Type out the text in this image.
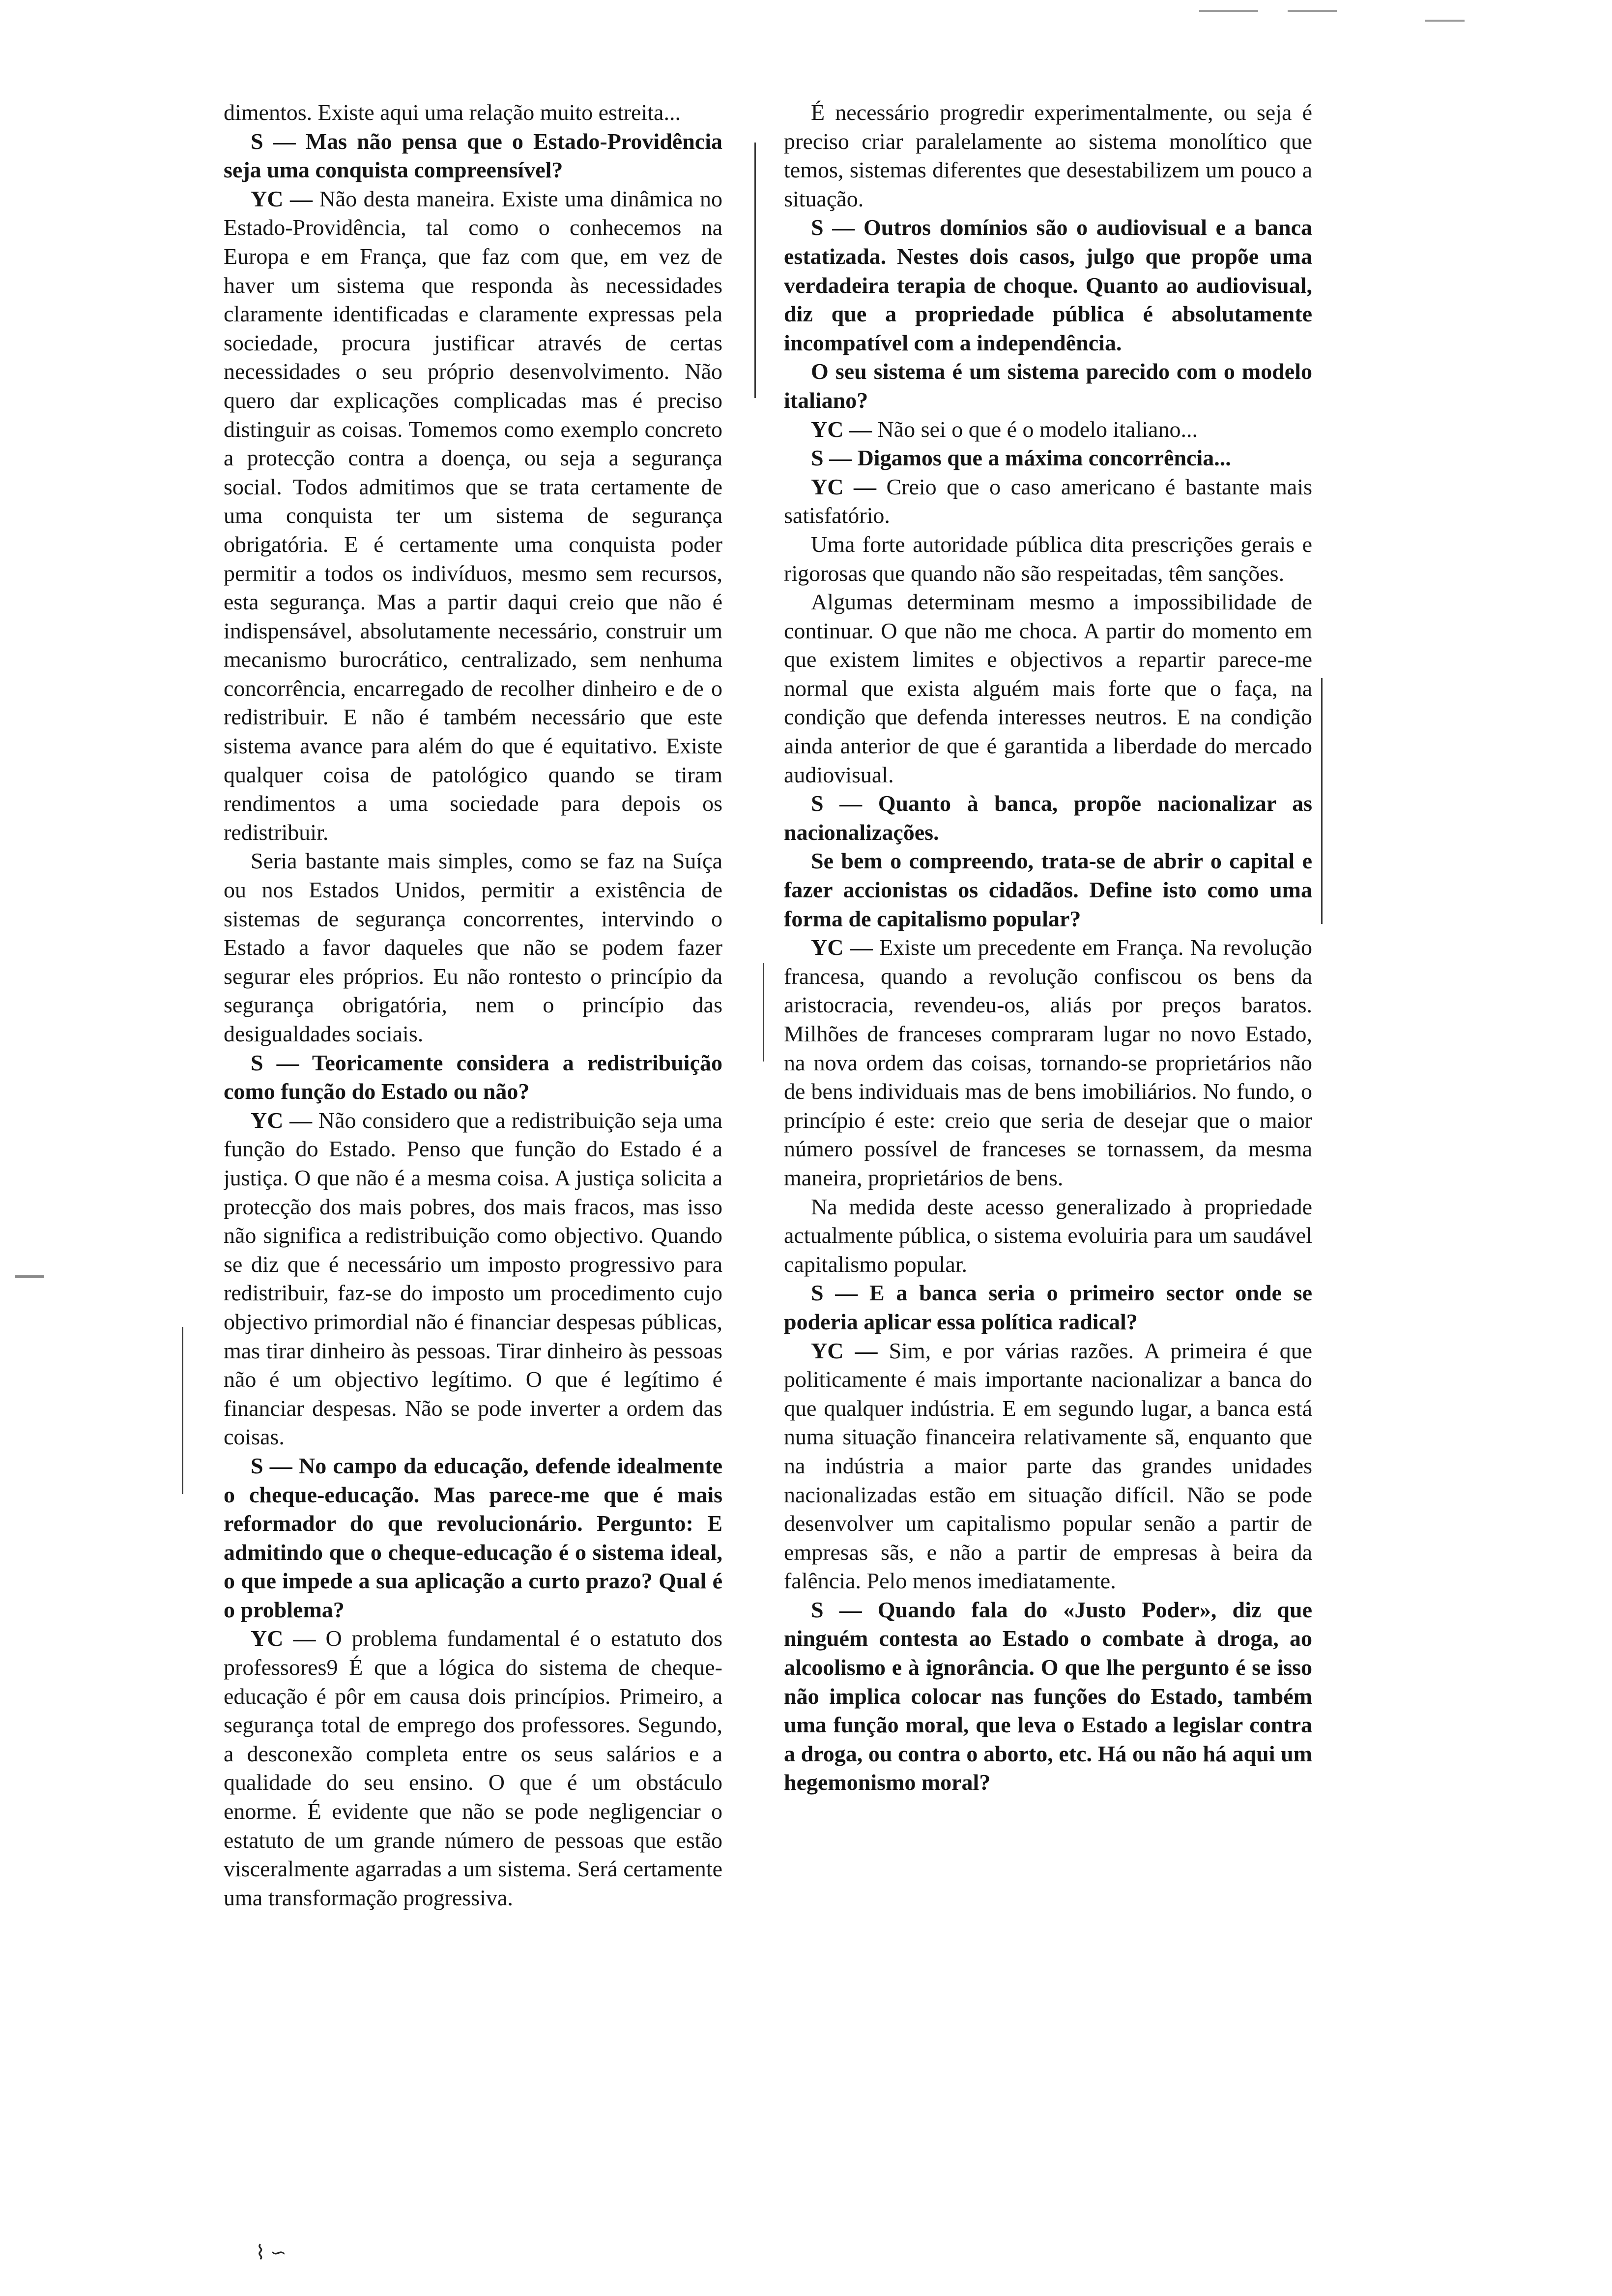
dimentos. Existe aqui uma relação muito estreita...

S — Mas não pensa que o Estado-Providência seja uma conquista compreensível?

YC — Não desta maneira. Existe uma dinâmica no Estado-Providência, tal como o conhecemos na Europa e em França, que faz com que, em vez de haver um sistema que responda às necessidades claramente identificadas e claramente expressas pela sociedade, procura justificar através de certas necessidades o seu próprio desenvolvimento. Não quero dar explicações complicadas mas é preciso distinguir as coisas. Tomemos como exemplo concreto a protecção contra a doença, ou seja a segurança social. Todos admitimos que se trata certamente de uma conquista ter um sistema de segurança obrigatória. E é certamente uma conquista poder permitir a todos os indivíduos, mesmo sem recursos, esta segurança. Mas a partir daqui creio que não é indispensável, absolutamente necessário, construir um mecanismo burocrático, centralizado, sem nenhuma concorrência, encarregado de recolher dinheiro e de o redistribuir. E não é também necessário que este sistema avance para além do que é equitativo. Existe qualquer coisa de patológico quando se tiram rendimentos a uma sociedade para depois os redistribuir.

Seria bastante mais simples, como se faz na Suíça ou nos Estados Unidos, permitir a existência de sistemas de segurança concorrentes, intervindo o Estado a favor daqueles que não se podem fazer segurar eles próprios. Eu não rontesto o princípio da segurança obrigatória, nem o princípio das desigualdades sociais.

S — Teoricamente considera a redistribuição como função do Estado ou não?

YC — Não considero que a redistribuição seja uma função do Estado. Penso que função do Estado é a justiça. O que não é a mesma coisa. A justiça solicita a protecção dos mais pobres, dos mais fracos, mas isso não significa a redistribuição como objectivo. Quando se diz que é necessário um imposto progressivo para redistribuir, faz-se do imposto um procedimento cujo objectivo primordial não é financiar despesas públicas, mas tirar dinheiro às pessoas. Tirar dinheiro às pessoas não é um objectivo legítimo. O que é legítimo é financiar despesas. Não se pode inverter a ordem das coisas.

S — No campo da educação, defende idealmente o cheque-educação. Mas parece-me que é mais reformador do que revolucionário. Pergunto: E admitindo que o cheque-educação é o sistema ideal, o que impede a sua aplicação a curto prazo? Qual é o problema?

YC — O problema fundamental é o estatuto dos professores9 É que a lógica do sistema de cheque-educação é pôr em causa dois princípios. Primeiro, a segurança total de emprego dos professores. Segundo, a desconexão completa entre os seus salários e a qualidade do seu ensino. O que é um obstáculo enorme. É evidente que não se pode negligenciar o estatuto de um grande número de pessoas que estão visceralmente agarradas a um sistema. Será certamente uma transformação progressiva.

É necessário progredir experimentalmente, ou seja é preciso criar paralelamente ao sistema monolítico que temos, sistemas diferentes que desestabilizem um pouco a situação.

S — Outros domínios são o audiovisual e a banca estatizada. Nestes dois casos, julgo que propõe uma verdadeira terapia de choque. Quanto ao audiovisual, diz que a propriedade pública é absolutamente incompatível com a independência.

O seu sistema é um sistema parecido com o modelo italiano?

YC — Não sei o que é o modelo italiano...

S — Digamos que a máxima concorrência...

YC — Creio que o caso americano é bastante mais satisfatório.

Uma forte autoridade pública dita prescrições gerais e rigorosas que quando não são respeitadas, têm sanções.

Algumas determinam mesmo a impossibilidade de continuar. O que não me choca. A partir do momento em que existem limites e objectivos a repartir parece-me normal que exista alguém mais forte que o faça, na condição que defenda interesses neutros. E na condição ainda anterior de que é garantida a liberdade do mercado audiovisual.

S — Quanto à banca, propõe nacionalizar as nacionalizações.

Se bem o compreendo, trata-se de abrir o capital e fazer accionistas os cidadãos. Define isto como uma forma de capitalismo popular?

YC — Existe um precedente em França. Na revolução francesa, quando a revolução confiscou os bens da aristocracia, revendeu-os, aliás por preços baratos. Milhões de franceses compraram lugar no novo Estado, na nova ordem das coisas, tornando-se proprietários não de bens individuais mas de bens imobiliários. No fundo, o princípio é este: creio que seria de desejar que o maior número possível de franceses se tornassem, da mesma maneira, proprietários de bens.

Na medida deste acesso generalizado à propriedade actualmente pública, o sistema evoluiria para um saudável capitalismo popular.

S — E a banca seria o primeiro sector onde se poderia aplicar essa política radical?

YC — Sim, e por várias razões. A primeira é que politicamente é mais importante nacionalizar a banca do que qualquer indústria. E em segundo lugar, a banca está numa situação financeira relativamente sã, enquanto que na indústria a maior parte das grandes unidades nacionalizadas estão em situação difícil. Não se pode desenvolver um capitalismo popular senão a partir de empresas sãs, e não a partir de empresas à beira da falência. Pelo menos imediatamente.

S — Quando fala do «Justo Poder», diz que ninguém contesta ao Estado o combate à droga, ao alcoolismo e à ignorância. O que lhe pergunto é se isso não implica colocar nas funções do Estado, também uma função moral, que leva o Estado a legislar contra a droga, ou contra o aborto, etc. Há ou não há aqui um hegemonismo moral?

⌇ ∽
